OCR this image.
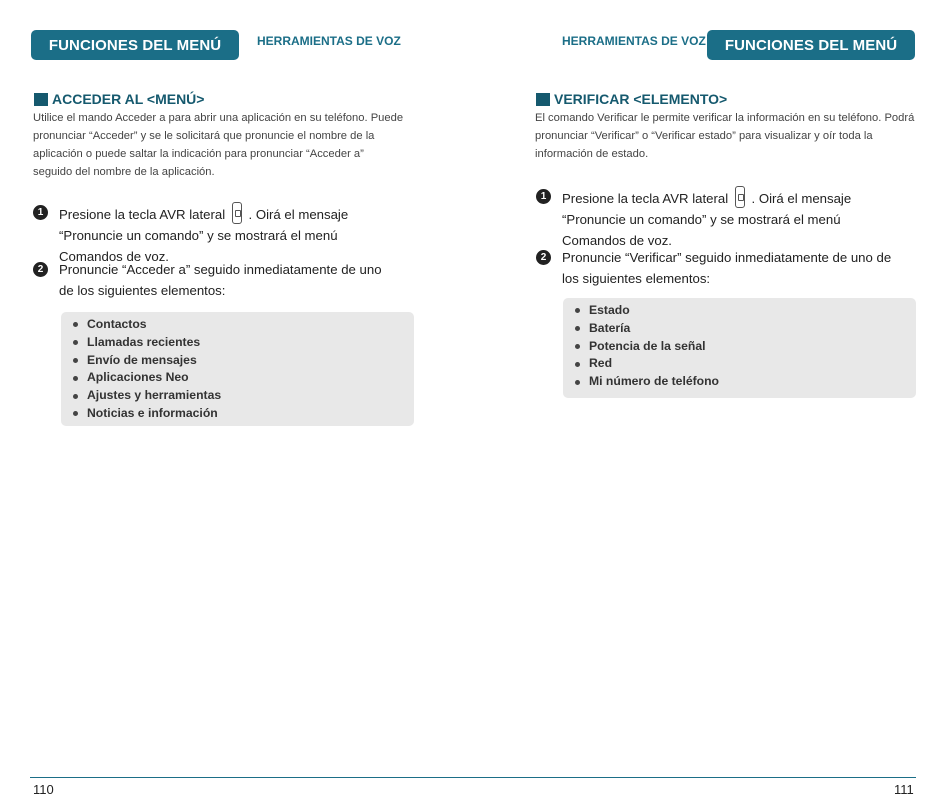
FUNCIONES DEL MENÚ	HERRAMIENTAS DE VOZ
ACCEDER AL <MENÚ>
Utilice el mando Acceder a para abrir una aplicación en su teléfono. Puede pronunciar “Acceder” y se le solicitará que pronuncie el nombre de la aplicación o puede saltar la indicación para pronunciar “Acceder a” seguido del nombre de la aplicación.
1	Presione la tecla AVR lateral . Oirá el mensaje “Pronuncie un comando” y se mostrará el menú Comandos de voz.
2	Pronuncie “Acceder a” seguido inmediatamente de uno de los siguientes elementos:
Contactos
Llamadas recientes
Envío de mensajes
Aplicaciones Neo
Ajustes y herramientas
Noticias e información
110
HERRAMIENTAS DE VOZ FUNCIONES DEL MENÚ
VERIFICAR <ELEMENTO>
El comando Verificar le permite verificar la información en su teléfono. Podrá pronunciar “Verificar” o “Verificar estado” para visualizar y oír toda la información de estado.
1	Presione la tecla AVR lateral . Oirá el mensaje “Pronuncie un comando” y se mostrará el menú Comandos de voz.
2	Pronuncie “Verificar” seguido inmediatamente de uno de los siguientes elementos:
Estado
Batería
Potencia de la señal
Red
Mi número de teléfono
111
